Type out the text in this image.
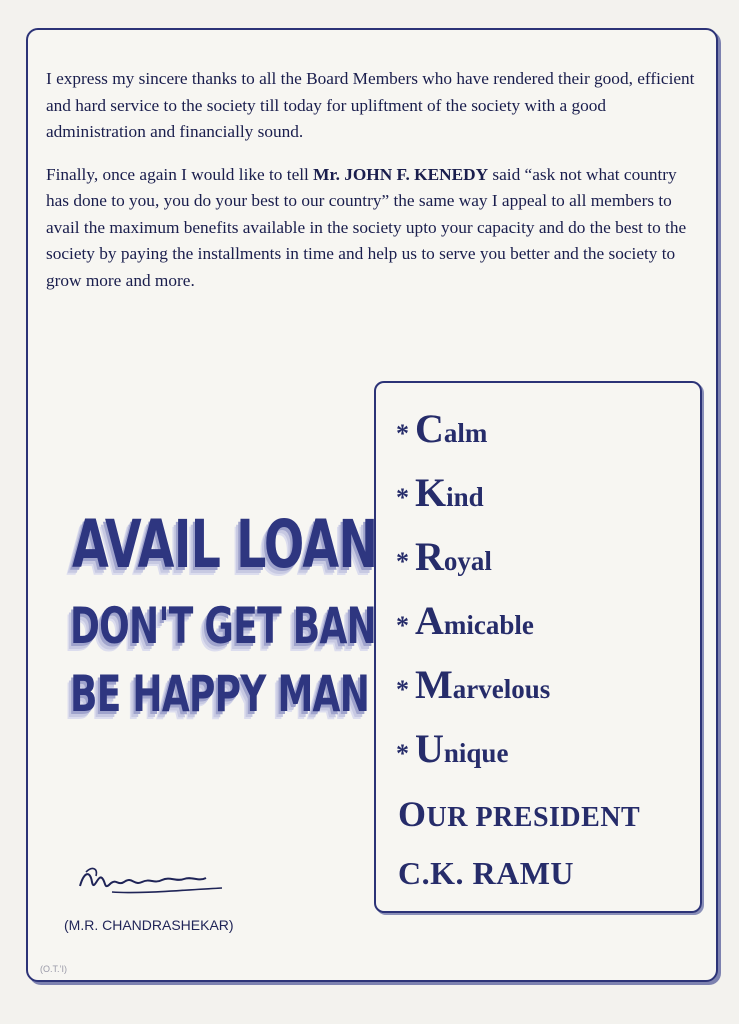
I express my sincere thanks to all the Board Members who have rendered their good, efficient and hard service to the society till today for upliftment of the society with a good administration and financially sound.

Finally, once again I would like to tell Mr. JOHN F. KENEDY said “ask not what country has done to you, you do your best to our country” the same way I appeal to all members to avail the maximum benefits available in the society upto your capacity and do the best to the society by paying the installments in time and help us to serve you better and the society to grow more and more.

AVAIL LOAN
DON'T GET BAN
BE HAPPY MAN
(M.R. CHANDRASHEKAR)
* C alm
* K ind
* R oyal
* A micable
* M arvelous
* U nique
OUR PRESIDENT
C.K. RAMU
(O.T.’I)
